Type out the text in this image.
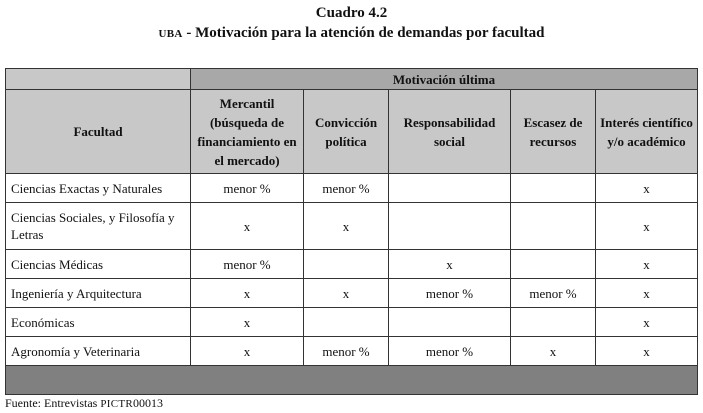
Cuadro 4.2
UBA - Motivación para la atención de demandas por facultad
	Motivación última				
Facultad	Mercantil (búsqueda de financiamiento en el mercado)	Convicción política	Responsabilidad social	Escasez de recursos	Interés científico y/o académico
Ciencias Exactas y Naturales	menor %	menor %			x
Ciencias Sociales, y Filosofía y Letras	x	x			x
Ciencias Médicas	menor %		x		x
Ingeniería y Arquitectura	x	x	menor %	menor %	x
Económicas	x				x
Agronomía y Veterinaria	x	menor %	menor %	x	x

Fuente: Entrevistas PICTR00013
